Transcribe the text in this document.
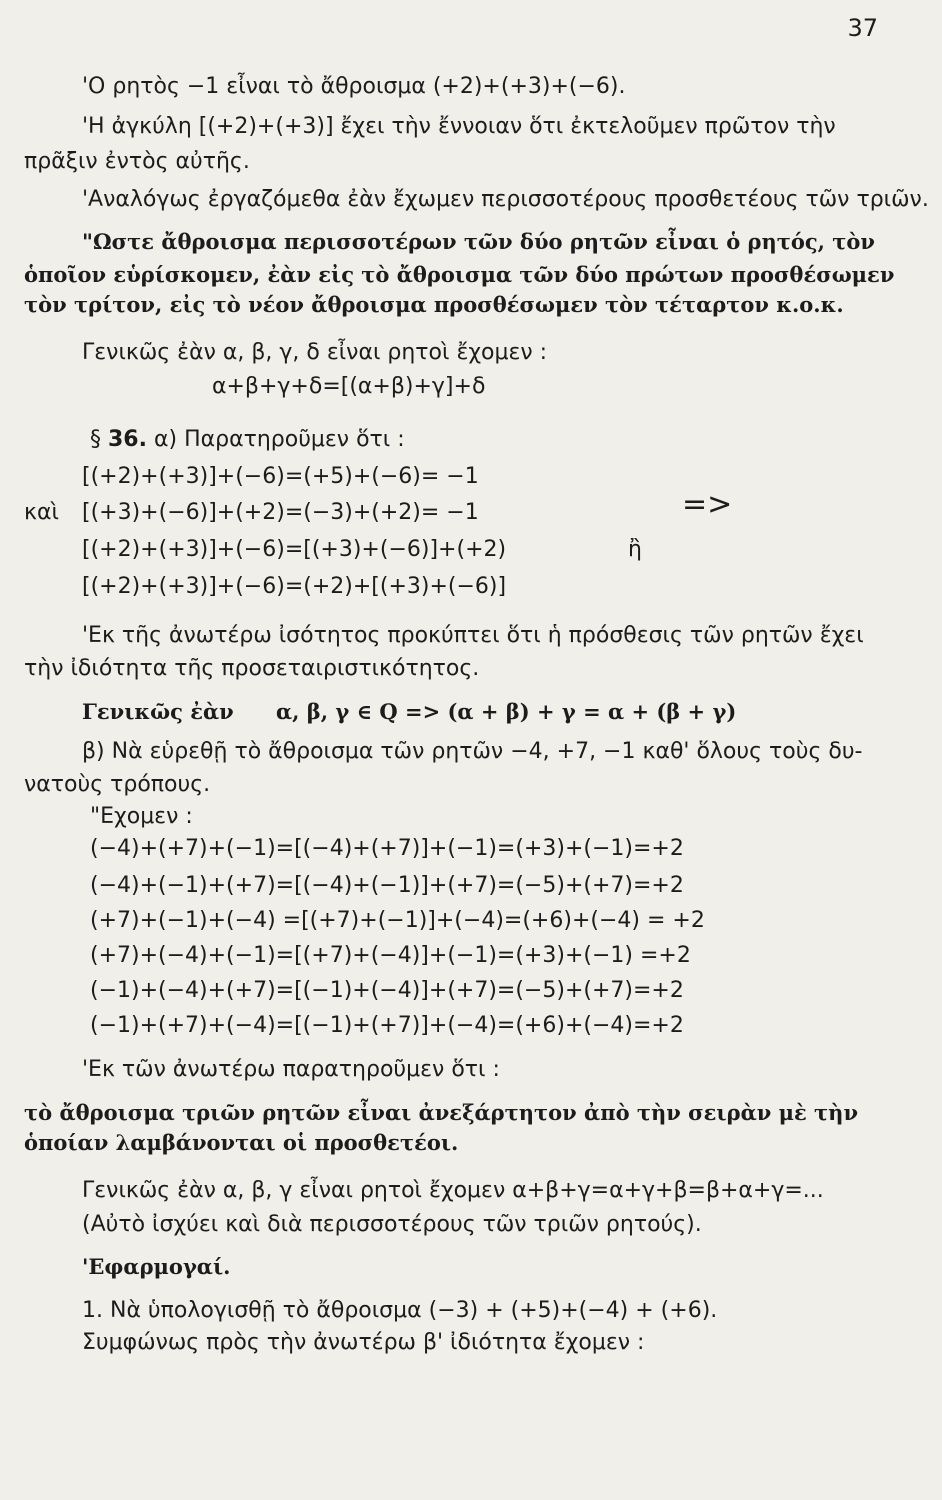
37
'Ο ρητὸς −1 εἶναι τὸ ἄθροισμα (+2)+(+3)+(−6).
'Η ἀγκύλη [(+2)+(+3)] ἔχει τὴν ἔννοιαν ὅτι ἐκτελοῦμεν πρῶτον τὴν
πρᾶξιν ἐντὸς αὐτῆς.
'Αναλόγως ἐργαζόμεθα ἐὰν ἔχωμεν περισσοτέρους προσθετέους τῶν τριῶν.
"Ωστε ἄθροισμα περισσοτέρων τῶν δύο ρητῶν εἶναι ὁ ρητός, τὸν
ὁποῖον εὑρίσκομεν, ἐὰν εἰς τὸ ἄθροισμα τῶν δύο πρώτων προσθέσωμεν
τὸν τρίτον, εἰς τὸ νέον ἄθροισμα προσθέσωμεν τὸν τέταρτον κ.ο.κ.
Γενικῶς ἐὰν α, β, γ, δ εἶναι ρητοὶ ἔχομεν :
α+β+γ+δ=[(α+β)+γ]+δ
§ 36. α) Παρατηροῦμεν ὅτι :
[(+2)+(+3)]+(−6)=(+5)+(−6)= −1
καὶ [(+3)+(−6)]+(+2)=(−3)+(+2)= −1	=>
[(+2)+(+3)]+(−6)=[(+3)+(−6)]+(+2)	ἢ
[(+2)+(+3)]+(−6)=(+2)+[(+3)+(−6)]
'Εκ τῆς ἀνωτέρω ἰσότητος προκύπτει ὅτι ἡ πρόσθεσις τῶν ρητῶν ἔχει
τὴν ἰδιότητα τῆς προσεταιριστικότητος.
Γενικῶς ἐὰν α, β, γ ∈ Q => (α + β) + γ = α + (β + γ)
β) Νὰ εὑρεθῇ τὸ ἄθροισμα τῶν ρητῶν −4, +7, −1 καθ' ὅλους τοὺς δυ-
νατοὺς τρόπους.
"Εχομεν :
(−4)+(+7)+(−1)=[(−4)+(+7)]+(−1)=(+3)+(−1)=+2
(−4)+(−1)+(+7)=[(−4)+(−1)]+(+7)=(−5)+(+7)=+2
(+7)+(−1)+(−4) =[(+7)+(−1)]+(−4)=(+6)+(−4) = +2
(+7)+(−4)+(−1)=[(+7)+(−4)]+(−1)=(+3)+(−1) =+2
(−1)+(−4)+(+7)=[(−1)+(−4)]+(+7)=(−5)+(+7)=+2
(−1)+(+7)+(−4)=[(−1)+(+7)]+(−4)=(+6)+(−4)=+2
'Εκ τῶν ἀνωτέρω παρατηροῦμεν ὅτι :
τὸ ἄθροισμα τριῶν ρητῶν εἶναι ἀνεξάρτητον ἀπὸ τὴν σειρὰν μὲ τὴν
ὁποίαν λαμβάνονται οἱ προσθετέοι.
Γενικῶς ἐὰν α, β, γ εἶναι ρητοὶ ἔχομεν α+β+γ=α+γ+β=β+α+γ=...
(Αὐτὸ ἰσχύει καὶ διὰ περισσοτέρους τῶν τριῶν ρητούς).
'Εφαρμογαί.
1. Νὰ ὑπολογισθῇ τὸ ἄθροισμα (−3) + (+5)+(−4) + (+6).
Συμφώνως πρὸς τὴν ἀνωτέρω β' ἰδιότητα ἔχομεν :
